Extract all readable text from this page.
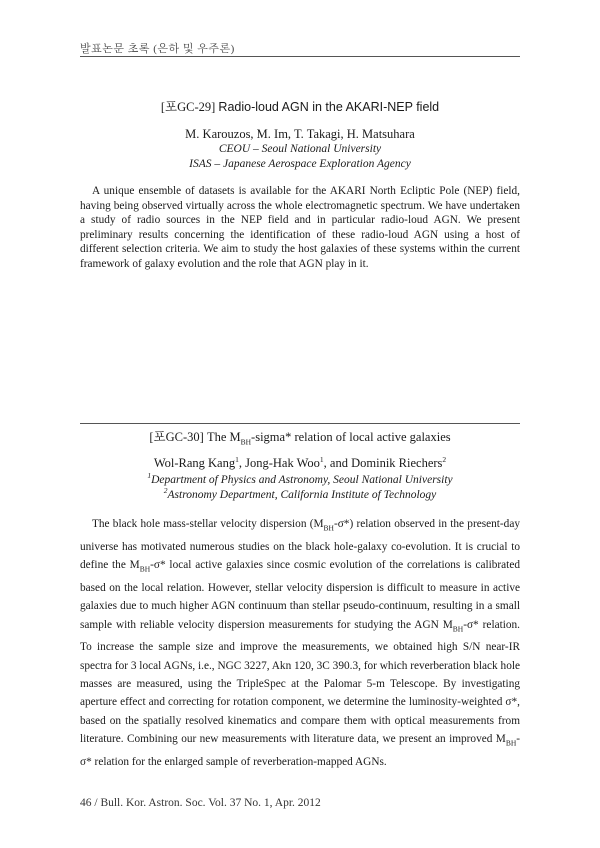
발표논문 초록 (은하 및 우주론)
[포GC-29] Radio-loud AGN in the AKARI-NEP field
M. Karouzos, M. Im, T. Takagi, H. Matsuhara
CEOU – Seoul National University
ISAS – Japanese Aerospace Exploration Agency
A unique ensemble of datasets is available for the AKARI North Ecliptic Pole (NEP) field, having being observed virtually across the whole electromagnetic spectrum. We have undertaken a study of radio sources in the NEP field and in particular radio-loud AGN. We present preliminary results concerning the identification of these radio-loud AGN using a host of different selection criteria. We aim to study the host galaxies of these systems within the current framework of galaxy evolution and the role that AGN play in it.
[포GC-30] The $M_{BH}-sigma*$ relation of local active galaxies
Wol-Rang Kang$^1$, Jong-Hak Woo$^1$, and Dominik Riechers$^2$
$^1$Department of Physics and Astronomy, Seoul National University
$^2$Astronomy Department, California Institute of Technology
The black hole mass-stellar velocity dispersion $(M_{BH}-\sigma*)$ relation observed in the present-day universe has motivated numerous studies on the black hole-galaxy co-evolution. It is crucial to define the $M_{BH}-\sigma*$ local active galaxies since cosmic evolution of the correlations is calibrated based on the local relation. However, stellar velocity dispersion is difficult to measure in active galaxies due to much higher AGN continuum than stellar pseudo-continuum, resulting in a small sample with reliable velocity dispersion measurements for studying the AGN $M_{BH}-\sigma*$ relation. To increase the sample size and improve the measurements, we obtained high S/N near-IR spectra for 3 local AGNs, i.e., NGC 3227, Akn 120, 3C 390.3, for which reverberation black hole masses are measured, using the TripleSpec at the Palomar 5-m Telescope. By investigating aperture effect and correcting for rotation component, we determine the luminosity-weighted σ*, based on the spatially resolved kinematics and compare them with optical measurements from literature. Combining our new measurements with literature data, we present an improved $M_{BH}-\sigma*$ relation for the enlarged sample of reverberation-mapped AGNs.
46 / Bull. Kor. Astron. Soc. Vol. 37 No. 1, Apr. 2012
